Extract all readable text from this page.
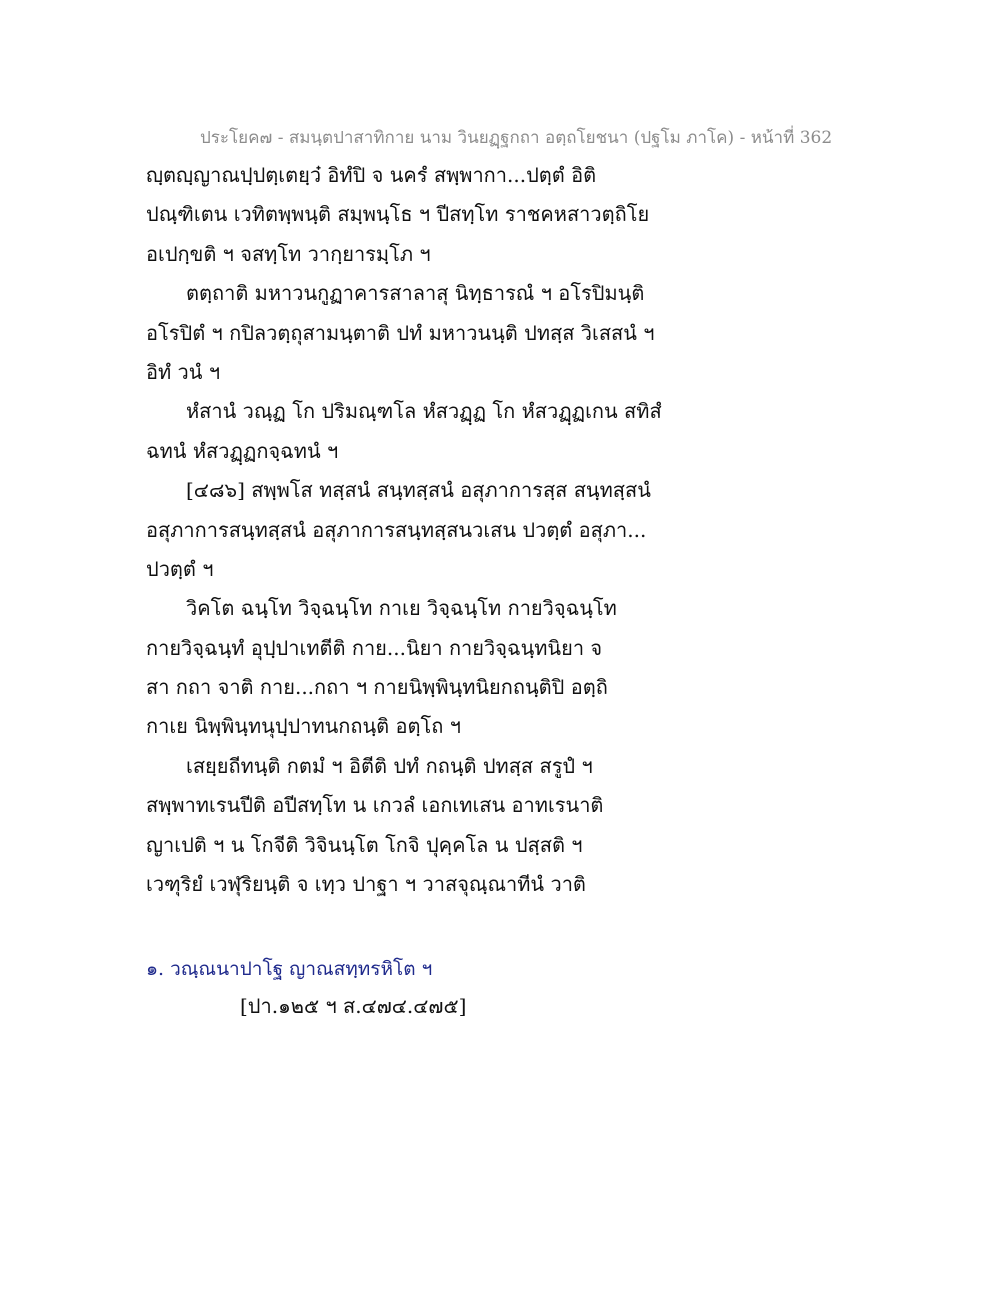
ประโยค๗ - สมนฺตปาสาทิกาย นาม วินยฏฺฐกถา อตฺถโยชนา (ปฐโม ภาโค) - หน้าที่ 362
ญฺตญฺญาณปฺปตฺเตยฺว๋ อิทํปิ จ นครํ สพฺพากา...ปตฺตํ อิติ
ปณฺฑิเตน เวทิตพฺพนฺติ สมฺพนฺโธ ฯ ปีสทฺโท ราชคหสาวตฺถิโย
อเปกฺขติ ฯ จสทฺโท วากฺยารมฺโภ ฯ
ตตฺถาติ มหาวนกูฏาคารสาลาสุ นิทฺธารณํ ฯ อโรปิมนฺติ
อโรปิตํ ฯ กปิลวตฺถุสามนฺตาติ ปทํ มหาวนนฺติ ปทสฺส วิเสสนํ ฯ
อิทํ วนํ ฯ
หํสานํ วณฺฏ โก ปริมณฺฑโล หํสวฏฺฏ โก หํสวฏฺฏเกน สทิสํ
ฉทนํ หํสวฏฺฏกจฺฉทนํ ฯ
[๔๘๖] สพฺพโส ทสฺสนํ สนฺทสฺสนํ อสุภาการสฺส สนฺทสฺสนํ
อสุภาการสนฺทสฺสนํ อสุภาการสนฺทสฺสนวเสน ปวตฺตํ อสุภา...
ปวตฺตํ ฯ
วิคโต ฉนฺโท วิจฺฉนฺโท กาเย วิจฺฉนฺโท กายวิจฺฉนฺโท
กายวิจฺฉนฺทํ อุปฺปาเทตีติ กาย...นิยา กายวิจฺฉนฺทนิยา จ
สา กถา จาติ กาย...กถา ฯ กายนิพฺพินฺทนิยกถนฺติปิ อตฺถิ
กาเย นิพฺพินฺทนุปฺปาทนกถนฺติ อตฺโถ ฯ
เสยฺยถีทนฺติ กตมํ ฯ อิตีติ ปทํ กถนฺติ ปทสฺส สรูปํ ฯ
สพฺพาทเรนปีติ อปีสทฺโท น เกวลํ เอกเทเสน อาทเรนาติ
ญาเปติ ฯ น โกจีติ วิจินนฺโต โกจิ ปุคฺคโล น ปสฺสติ ฯ
เวฑุริยํ เวฬุริยนฺติ จ เทฺว ปาฐา ฯ วาสจุณฺณาทีนํ วาติ
๑. วณฺณนาปาโฐ ญาณสทฺทรหิโต ฯ
[ปา.๑๒๕ ฯ ส.๔๗๔.๔๗๕]
